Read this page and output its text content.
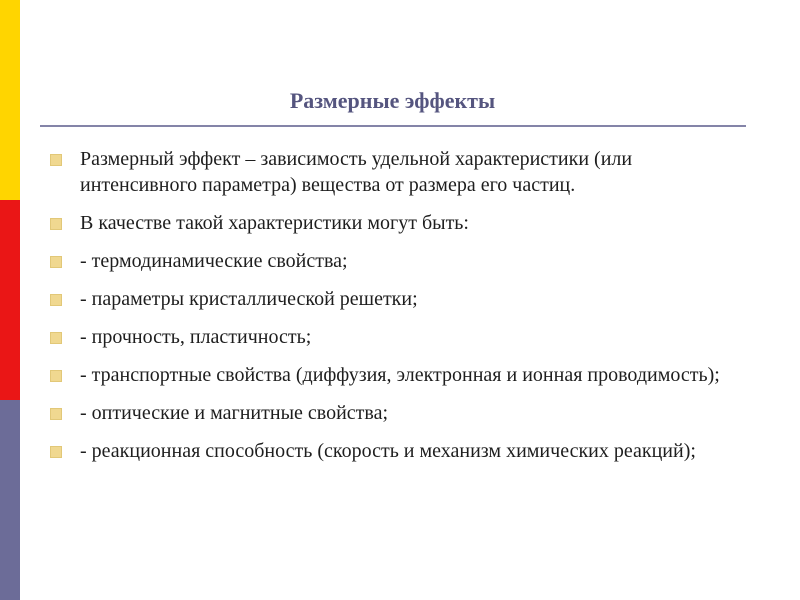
Размерные эффекты
Размерный эффект – зависимость удельной характеристики (или интенсивного параметра) вещества от размера его частиц.
В качестве такой характеристики могут быть:
- термодинамические свойства;
- параметры кристаллической решетки;
- прочность, пластичность;
- транспортные свойства (диффузия, электронная и ионная проводимость);
- оптические и магнитные свойства;
- реакционная способность (скорость и механизм химических реакций);
